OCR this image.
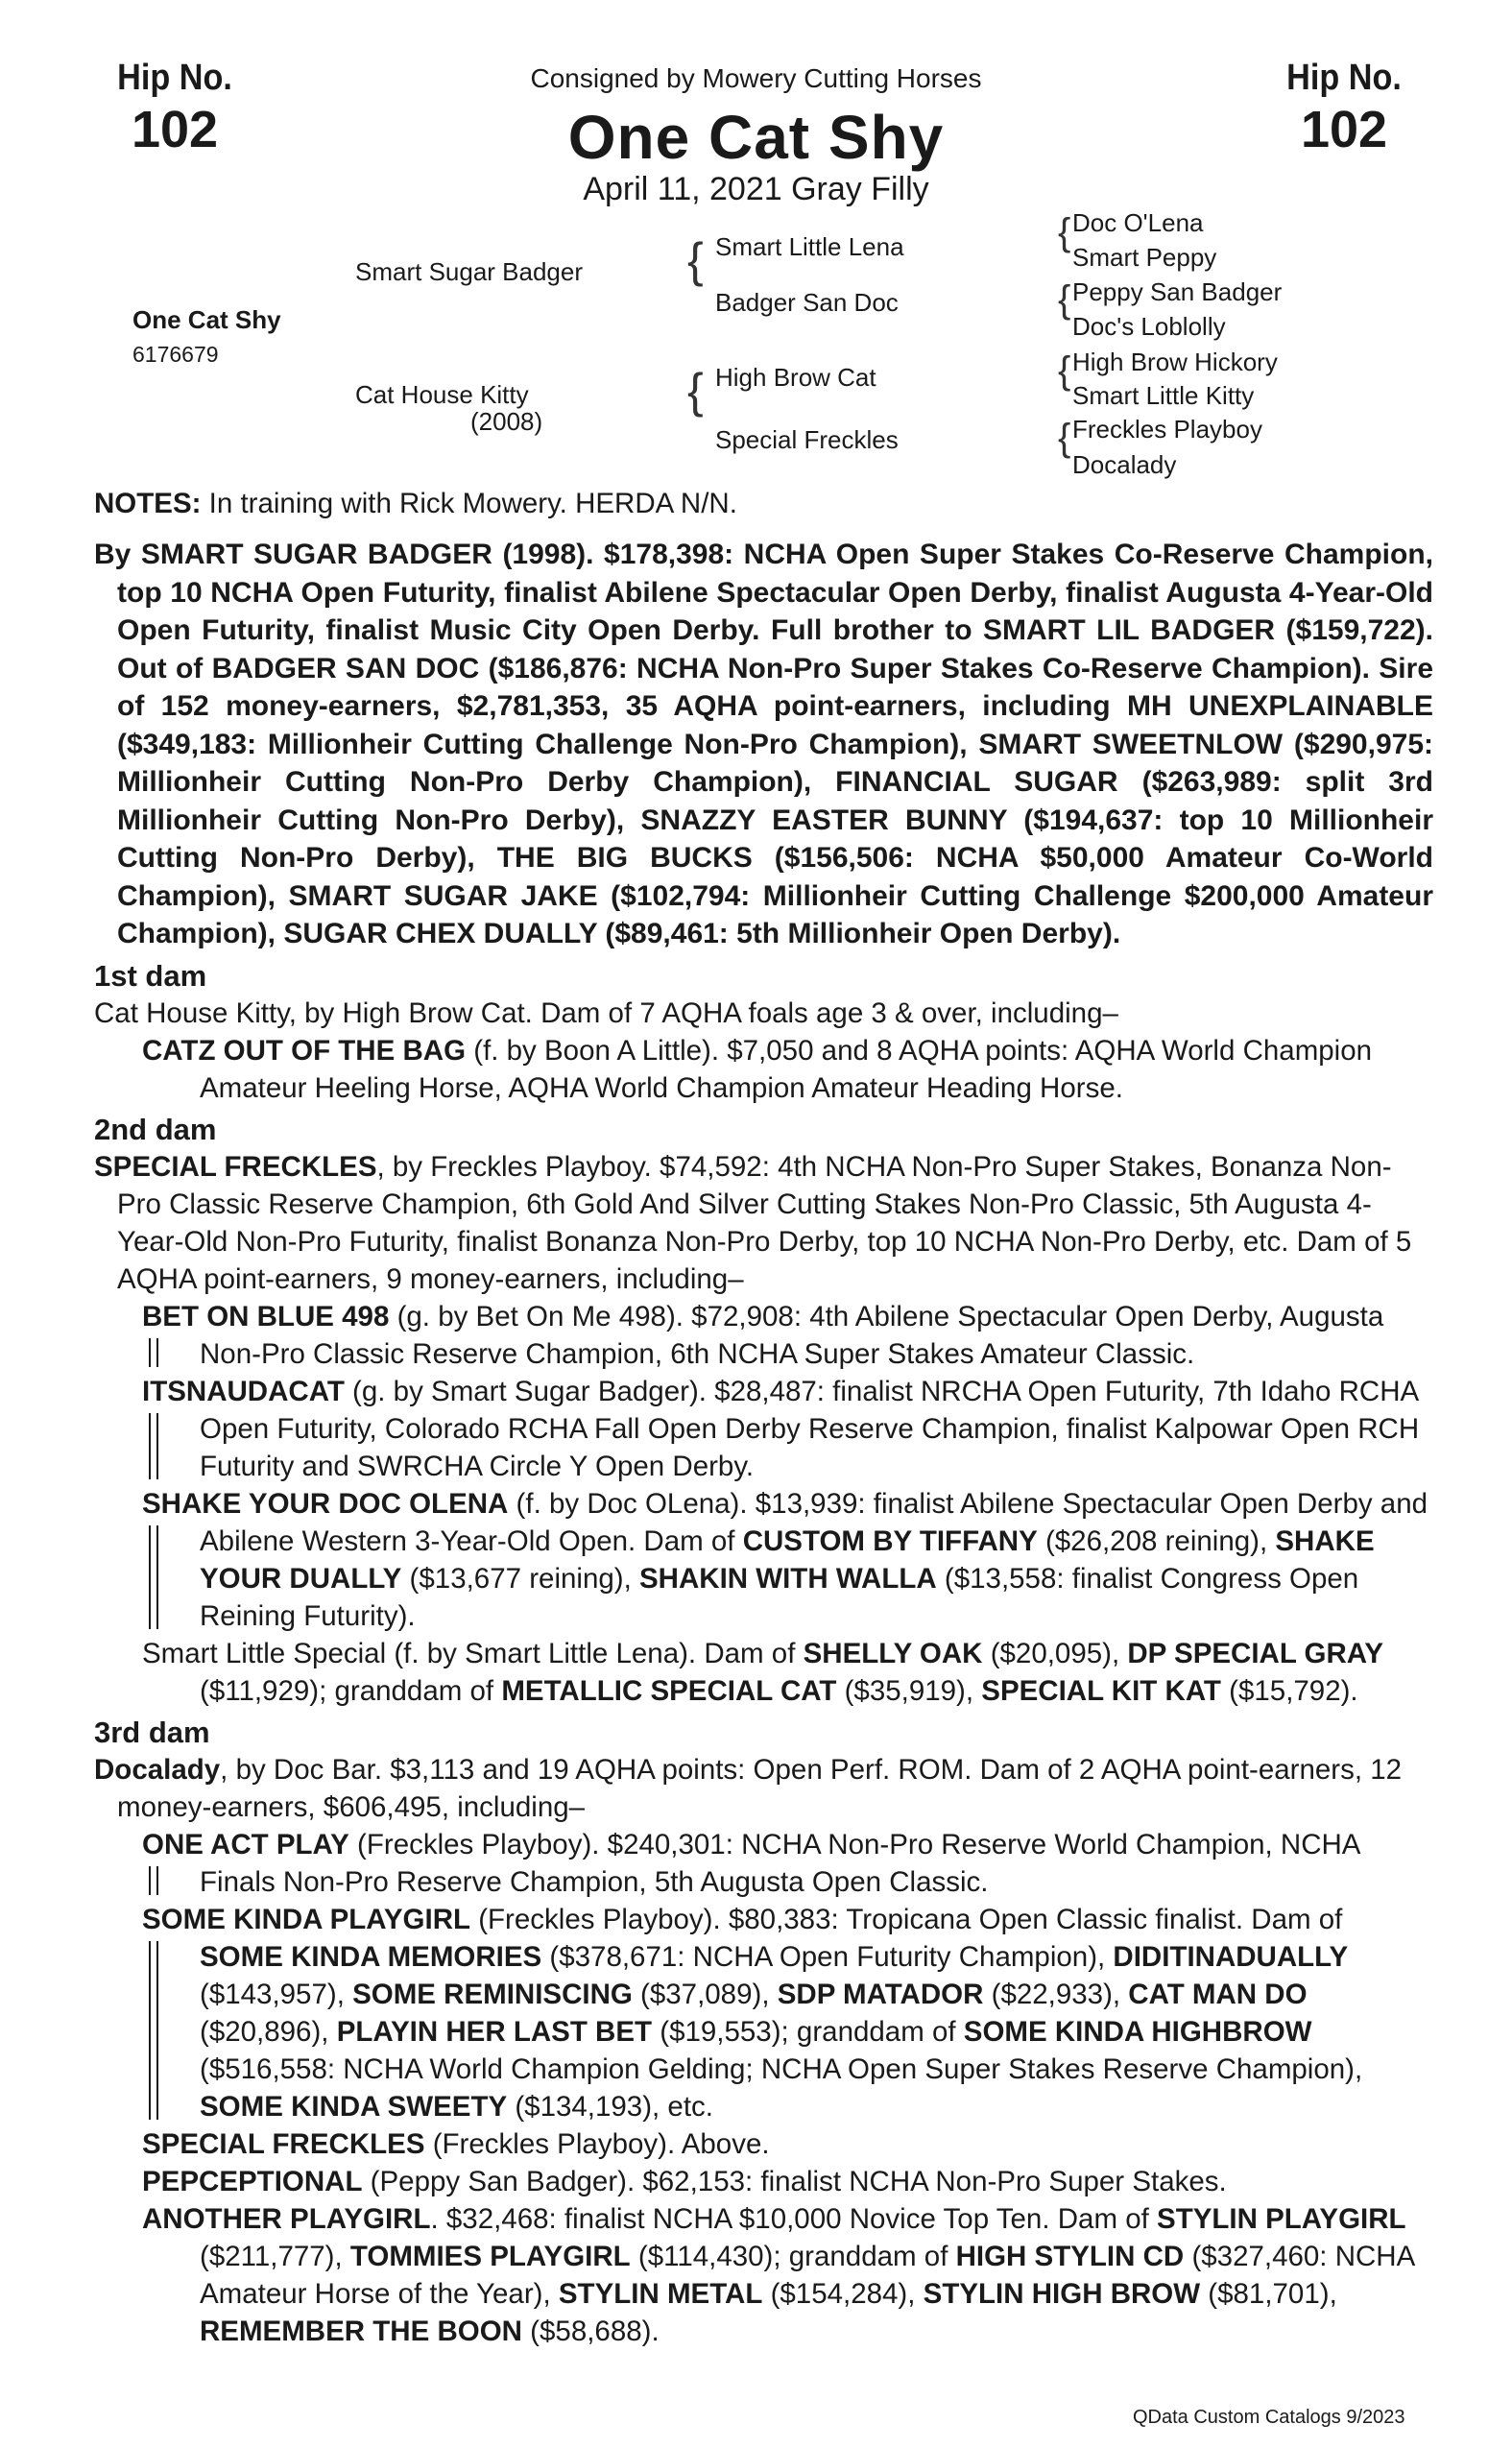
Hip No.
102
Consigned by Mowery Cutting Horses
One Cat Shy
April 11, 2021 Gray Filly
Hip No.
102
One Cat Shy
6176679
Smart Sugar Badger
Cat House Kitty
(2008)
{ Smart Little Lena
Badger San Doc
{ High Brow Cat
Special Freckles
{ Doc O'Lena
Smart Peppy
{ Peppy San Badger
Doc's Loblolly
{ High Brow Hickory
Smart Little Kitty
{ Freckles Playboy
Docalady

NOTES: In training with Rick Mowery. HERDA N/N.

By SMART SUGAR BADGER (1998). $178,398: NCHA Open Super Stakes Co-Reserve Champion, top 10 NCHA Open Futurity, finalist Abilene Spectacular Open Derby, finalist Augusta 4-Year-Old Open Futurity, finalist Music City Open Derby. Full brother to SMART LIL BADGER ($159,722). Out of BADGER SAN DOC ($186,876: NCHA Non-Pro Super Stakes Co-Reserve Champion). Sire of 152 money-earners, $2,781,353, 35 AQHA point-earners, including MH UNEXPLAINABLE ($349,183: Millionheir Cutting Challenge Non-Pro Champion), SMART SWEETNLOW ($290,975: Millionheir Cutting Non-Pro Derby Champion), FINANCIAL SUGAR ($263,989: split 3rd Millionheir Cutting Non-Pro Derby), SNAZZY EASTER BUNNY ($194,637: top 10 Millionheir Cutting Non-Pro Derby), THE BIG BUCKS ($156,506: NCHA $50,000 Amateur Co-World Champion), SMART SUGAR JAKE ($102,794: Millionheir Cutting Challenge $200,000 Amateur Champion), SUGAR CHEX DUALLY ($89,461: 5th Millionheir Open Derby).

1st dam

Cat House Kitty, by High Brow Cat. Dam of 7 AQHA foals age 3 & over, including–

CATZ OUT OF THE BAG (f. by Boon A Little). $7,050 and 8 AQHA points: AQHA World Champion Amateur Heeling Horse, AQHA World Champion Amateur Heading Horse.

2nd dam

SPECIAL FRECKLES, by Freckles Playboy. $74,592: 4th NCHA Non-Pro Super Stakes, Bonanza Non-Pro Classic Reserve Champion, 6th Gold And Silver Cutting Stakes Non-Pro Classic, 5th Augusta 4-Year-Old Non-Pro Futurity, finalist Bonanza Non-Pro Derby, top 10 NCHA Non-Pro Derby, etc. Dam of 5 AQHA point-earners, 9 money-earners, including–

BET ON BLUE 498 (g. by Bet On Me 498). $72,908: 4th Abilene Spectacular Open Derby, Augusta Non-Pro Classic Reserve Champion, 6th NCHA Super Stakes Amateur Classic.

ITSNAUDACAT (g. by Smart Sugar Badger). $28,487: finalist NRCHA Open Futurity, 7th Idaho RCHA Open Futurity, Colorado RCHA Fall Open Derby Reserve Champion, finalist Kalpowar Open RCH Futurity and SWRCHA Circle Y Open Derby.

SHAKE YOUR DOC OLENA (f. by Doc OLena). $13,939: finalist Abilene Spectacular Open Derby and Abilene Western 3-Year-Old Open. Dam of CUSTOM BY TIFFANY ($26,208 reining), SHAKE YOUR DUALLY ($13,677 reining), SHAKIN WITH WALLA ($13,558: finalist Congress Open Reining Futurity).

Smart Little Special (f. by Smart Little Lena). Dam of SHELLY OAK ($20,095), DP SPECIAL GRAY ($11,929); granddam of METALLIC SPECIAL CAT ($35,919), SPECIAL KIT KAT ($15,792).

3rd dam

Docalady, by Doc Bar. $3,113 and 19 AQHA points: Open Perf. ROM. Dam of 2 AQHA point-earners, 12 money-earners, $606,495, including–

ONE ACT PLAY (Freckles Playboy). $240,301: NCHA Non-Pro Reserve World Champion, NCHA Finals Non-Pro Reserve Champion, 5th Augusta Open Classic.

SOME KINDA PLAYGIRL (Freckles Playboy). $80,383: Tropicana Open Classic finalist. Dam of SOME KINDA MEMORIES ($378,671: NCHA Open Futurity Champion), DIDITINADUALLY ($143,957), SOME REMINISCING ($37,089), SDP MATADOR ($22,933), CAT MAN DO ($20,896), PLAYIN HER LAST BET ($19,553); granddam of SOME KINDA HIGHBROW ($516,558: NCHA World Champion Gelding; NCHA Open Super Stakes Reserve Champion), SOME KINDA SWEETY ($134,193), etc.

SPECIAL FRECKLES (Freckles Playboy). Above.

PEPCEPTIONAL (Peppy San Badger). $62,153: finalist NCHA Non-Pro Super Stakes.

ANOTHER PLAYGIRL. $32,468: finalist NCHA $10,000 Novice Top Ten. Dam of STYLIN PLAYGIRL ($211,777), TOMMIES PLAYGIRL ($114,430); granddam of HIGH STYLIN CD ($327,460: NCHA Amateur Horse of the Year), STYLIN METAL ($154,284), STYLIN HIGH BROW ($81,701), REMEMBER THE BOON ($58,688).

QData Custom Catalogs 9/2023
